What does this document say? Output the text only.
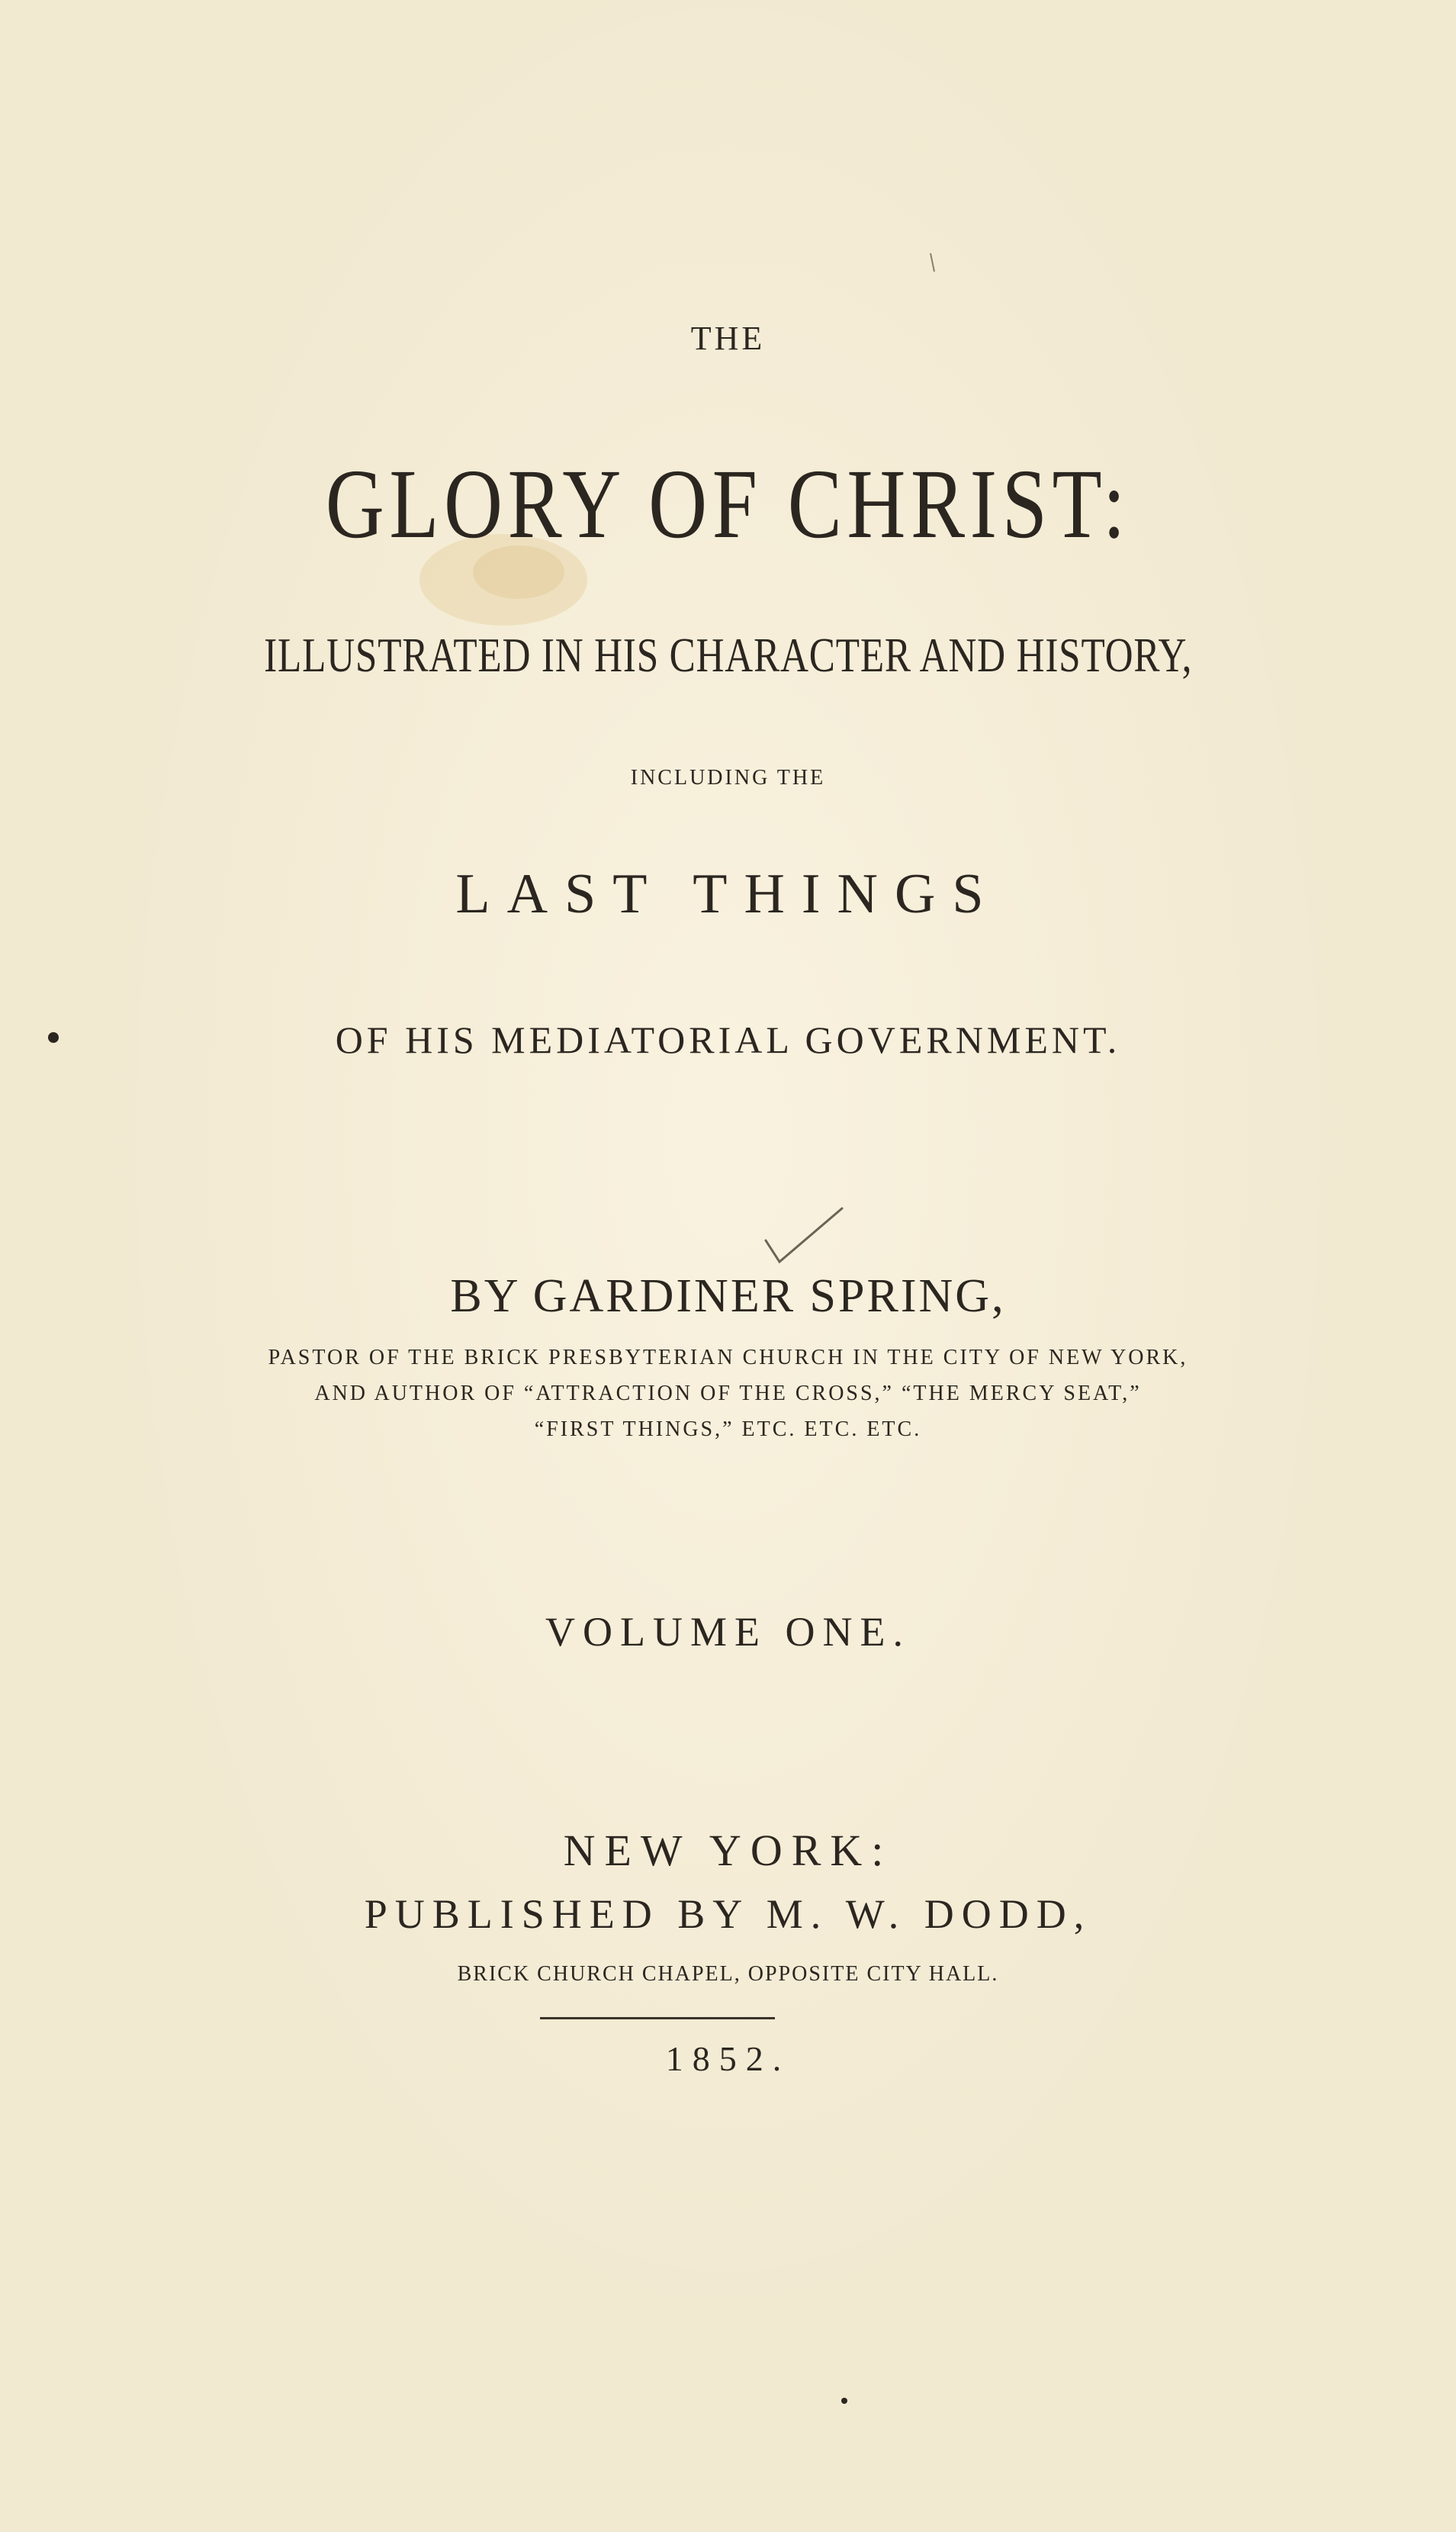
THE
GLORY OF CHRIST:
ILLUSTRATED IN HIS CHARACTER AND HISTORY,
INCLUDING THE
LAST THINGS
OF HIS MEDIATORIAL GOVERNMENT.
BY GARDINER SPRING,
PASTOR OF THE BRICK PRESBYTERIAN CHURCH IN THE CITY OF NEW YORK,
AND AUTHOR OF “ATTRACTION OF THE CROSS,” “THE MERCY SEAT,”
“FIRST THINGS,” ETC. ETC. ETC.
VOLUME ONE.
NEW YORK:
PUBLISHED BY M. W. DODD,
BRICK CHURCH CHAPEL, OPPOSITE CITY HALL.
1852.
